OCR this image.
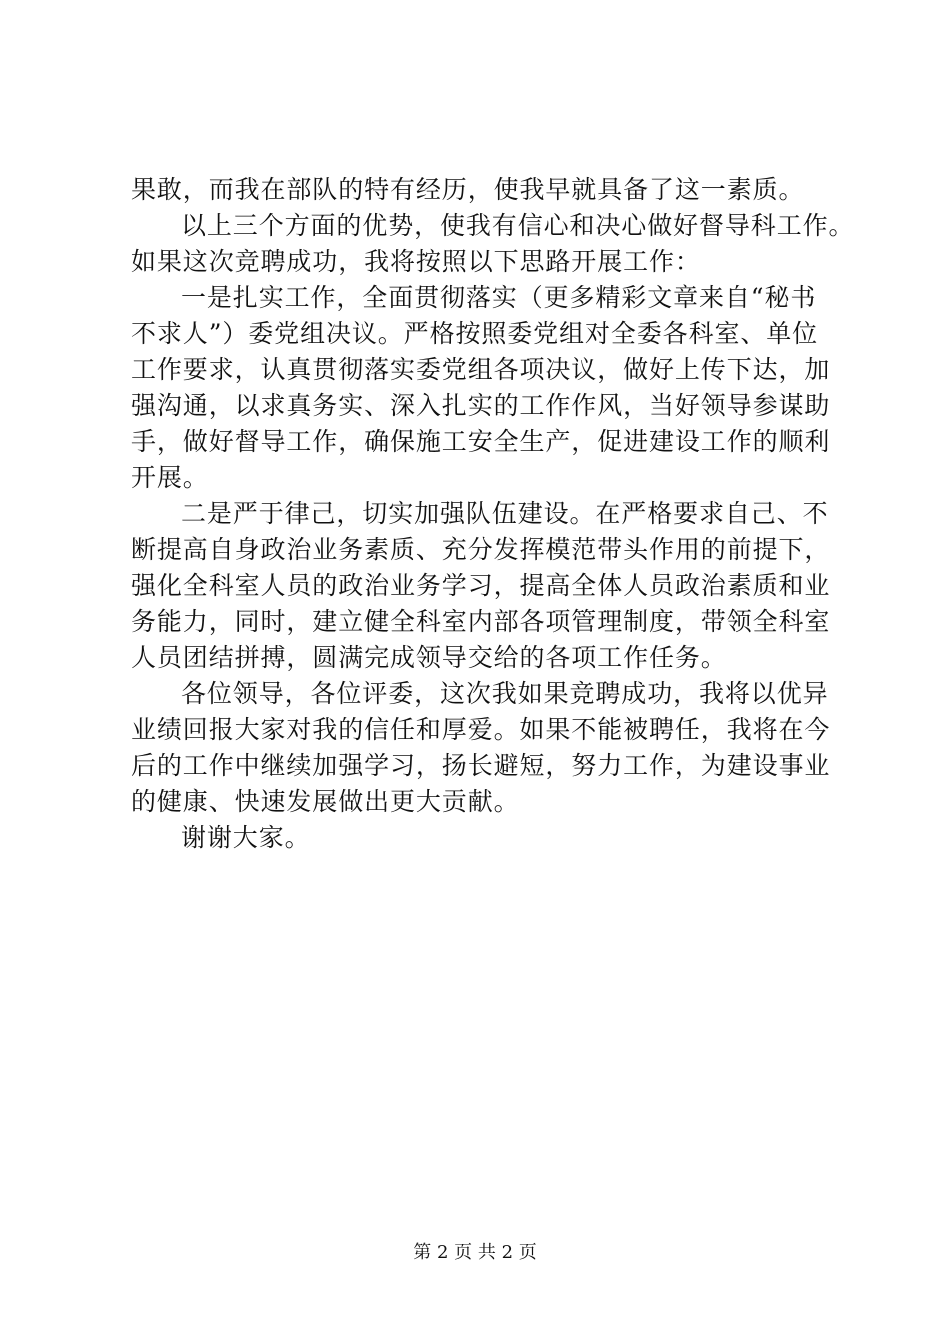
果敢，而我在部队的特有经历，使我早就具备了这一素质。
以上三个方面的优势，使我有信心和决心做好督导科工作。
如果这次竞聘成功，我将按照以下思路开展工作：
一是扎实工作，全面贯彻落实（更多精彩文章来自“秘书
不求人”）委党组决议。严格按照委党组对全委各科室、单位
工作要求，认真贯彻落实委党组各项决议，做好上传下达，加
强沟通，以求真务实、深入扎实的工作作风，当好领导参谋助
手，做好督导工作，确保施工安全生产，促进建设工作的顺利
开展。
二是严于律己，切实加强队伍建设。在严格要求自己、不
断提高自身政治业务素质、充分发挥模范带头作用的前提下，
强化全科室人员的政治业务学习，提高全体人员政治素质和业
务能力，同时，建立健全科室内部各项管理制度，带领全科室
人员团结拼搏，圆满完成领导交给的各项工作任务。
各位领导，各位评委，这次我如果竞聘成功，我将以优异
业绩回报大家对我的信任和厚爱。如果不能被聘任，我将在今
后的工作中继续加强学习，扬长避短，努力工作，为建设事业
的健康、快速发展做出更大贡献。
谢谢大家。
第 2 页 共 2 页
